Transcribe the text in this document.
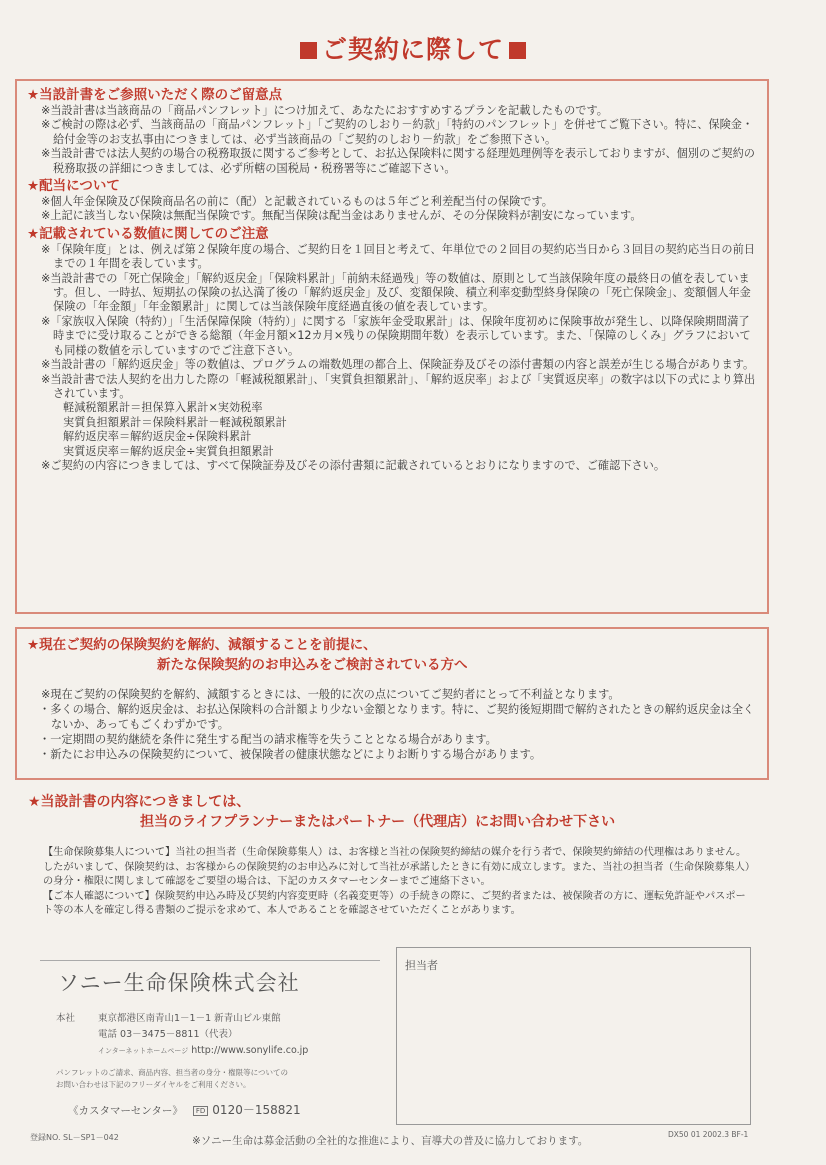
ご契約に際して
★当設計書をご参照いただく際のご留意点

※当設計書は当該商品の「商品パンフレット」につけ加えて、あなたにおすすめするプランを記載したものです。

※ご検討の際は必ず、当該商品の「商品パンフレット」「ご契約のしおり－約款」「特約のパンフレット」を併せてご覧下さい。特に、保険金・給付金等のお支払事由につきましては、必ず当該商品の「ご契約のしおり－約款」をご参照下さい。

※当設計書では法人契約の場合の税務取扱に関するご参考として、お払込保険料に関する経理処理例等を表示しておりますが、個別のご契約の税務取扱の詳細につきましては、必ず所轄の国税局・税務署等にご確認下さい。

★配当について

※個人年金保険及び保険商品名の前に（配）と記載されているものは５年ごと利差配当付の保険です。

※上記に該当しない保険は無配当保険です。無配当保険は配当金はありませんが、その分保険料が割安になっています。

★記載されている数値に関してのご注意

※「保険年度」とは、例えば第２保険年度の場合、ご契約日を１回目と考えて、年単位での２回目の契約応当日から３回目の契約応当日の前日までの１年間を表しています。

※当設計書での「死亡保険金」「解約返戻金」「保険料累計」「前納未経過残」等の数値は、原則として当該保険年度の最終日の値を表しています。但し、一時払、短期払の保険の払込満了後の「解約返戻金」及び、変額保険、積立利率変動型終身保険の「死亡保険金」、変額個人年金保険の「年金額」「年金額累計」に関しては当該保険年度経過直後の値を表しています。

※「家族収入保険（特約）」「生活保障保険（特約）」に関する「家族年金受取累計」は、保険年度初めに保険事故が発生し、以降保険期間満了時までに受け取ることができる総額（年金月額×12カ月×残りの保険期間年数）を表示しています。また、「保障のしくみ」グラフにおいても同様の数値を示していますのでご注意下さい。

※当設計書の「解約返戻金」等の数値は、プログラムの端数処理の都合上、保険証券及びその添付書類の内容と誤差が生じる場合があります。

※当設計書で法人契約を出力した際の「軽減税額累計」、「実質負担額累計」、「解約返戻率」および「実質返戻率」の数字は以下の式により算出されています。

軽減税額累計＝担保算入累計×実効税率

実質負担額累計＝保険料累計－軽減税額累計

解約返戻率＝解約返戻金÷保険料累計

実質返戻率＝解約返戻金÷実質負担額累計

※ご契約の内容につきましては、すべて保険証券及びその添付書類に記載されているとおりになりますので、ご確認下さい。

★現在ご契約の保険契約を解約、減額することを前提に、
新たな保険契約のお申込みをご検討されている方へ

※現在ご契約の保険契約を解約、減額するときには、一般的に次の点についてご契約者にとって不利益となります。

・多くの場合、解約返戻金は、お払込保険料の合計額より少ない金額となります。特に、ご契約後短期間で解約されたときの解約返戻金は全くないか、あってもごくわずかです。
・一定期間の契約継続を条件に発生する配当の請求権等を失うこととなる場合があります。
・新たにお申込みの保険契約について、被保険者の健康状態などによりお断りする場合があります。
★当設計書の内容につきましては、
担当のライフプランナーまたはパートナー（代理店）にお問い合わせ下さい
【生命保険募集人について】当社の担当者（生命保険募集人）は、お客様と当社の保険契約締結の媒介を行う者で、保険契約締結の代理権はありません。したがいまして、保険契約は、お客様からの保険契約のお申込みに対して当社が承諾したときに有効に成立します。また、当社の担当者（生命保険募集人）の身分・権限に関しまして確認をご要望の場合は、下記のカスタマーセンターまでご連絡下さい。
【ご本人確認について】保険契約申込み時及び契約内容変更時（名義変更等）の手続きの際に、ご契約者または、被保険者の方に、運転免許証やパスポート等の本人を確定し得る書類のご提示を求めて、本人であることを確認させていただくことがあります。
ソニー生命保険株式会社
本社 東京都港区南青山1－1－1 新青山ビル東館
電話 03－3475－8811（代表）
インターネットホームページ http://www.sonylife.co.jp
パンフレットのご請求、商品内容、担当者の身分・権限等についての
お問い合わせは下記のフリーダイヤルをご利用ください。
《カスタマーセンター》 FD 0120－158821
担当者
登録NO. SL－SP1－042	※ソニー生命は募金活動の全社的な推進により、盲導犬の普及に協力しております。
DX50 01 2002.3 BF-1
